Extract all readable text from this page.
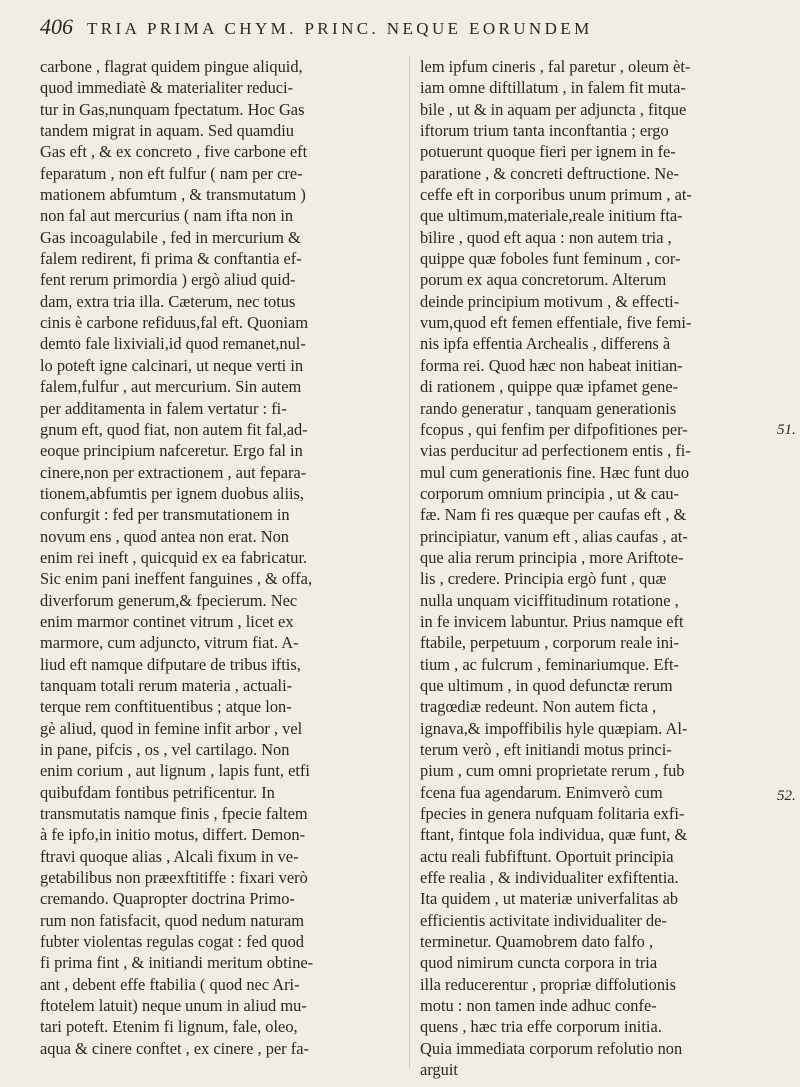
406 TRIA PRIMA CHYM. PRINC. NEQUE EORUNDEM
carbone , flagrat quidem pingue aliquid,
quod immediatè & materialiter reduci-
tur in Gas,nunquam fpectatum. Hoc Gas
tandem migrat in aquam. Sed quamdiu
Gas eft , & ex concreto , five carbone eft
feparatum , non eft fulfur ( nam per cre-
mationem abfumtum , & transmutatum )
non fal aut mercurius ( nam ifta non in
Gas incoagulabile , fed in mercurium &
falem redirent, fi prima & conftantia ef-
fent rerum primordia ) ergò aliud quid-
dam, extra tria illa. Cæterum, nec totus
cinis è carbone refiduus,fal eft. Quoniam
demto fale lixiviali,id quod remanet,nul-
lo poteft igne calcinari, ut neque verti in
falem,fulfur , aut mercurium. Sin autem
per additamenta in falem vertatur : fi-
gnum eft, quod fiat, non autem fit fal,ad-
eoque principium nafceretur. Ergo fal in
cinere,non per extractionem , aut fepara-
tionem,abfumtis per ignem duobus aliis,
confurgit : fed per transmutationem in
novum ens , quod antea non erat. Non
enim rei ineft , quicquid ex ea fabricatur.
Sic enim pani ineffent fanguines , & offa,
diverforum generum,& fpecierum. Nec
enim marmor continet vitrum , licet ex
marmore, cum adjuncto, vitrum fiat. A-
liud eft namque difputare de tribus iftis,
tanquam totali rerum materia , actuali-
terque rem conftituentibus ; atque lon-
gè aliud, quod in femine infit arbor , vel
in pane, pifcis , os , vel cartilago. Non
enim corium , aut lignum , lapis funt, etfi
quibufdam fontibus petrificentur. In
transmutatis namque finis , fpecie faltem
à fe ipfo,in initio motus, differt. Demon-
ftravi quoque alias , Alcali fixum in ve-
getabilibus non præexftitiffe : fixari verò
cremando. Quapropter doctrina Primo-
rum non fatisfacit, quod nedum naturam
fubter violentas regulas cogat : fed quod
fi prima fint , & initiandi meritum obtine-
ant , debent effe ftabilia ( quod nec Ari-
ftotelem latuit) neque unum in aliud mu-
tari poteft. Etenim fi lignum, fale, oleo,
aqua & cinere conftet , ex cinere , per fa-
lem ipfum cineris , fal paretur , oleum èt-
iam omne diftillatum , in falem fit muta-
bile , ut & in aquam per adjuncta , fitque
iftorum trium tanta inconftantia ; ergo
potuerunt quoque fieri per ignem in fe-
paratione , & concreti deftructione. Ne-
ceffe eft in corporibus unum primum , at-
que ultimum,materiale,reale initium fta-
bilire , quod eft aqua : non autem tria ,
quippe quæ foboles funt feminum , cor-
porum ex aqua concretorum. Alterum
deinde principium motivum , & effecti-
vum,quod eft femen effentiale, five femi-
nis ipfa effentia Archealis , differens à
forma rei. Quod hæc non habeat initian-
di rationem , quippe quæ ipfamet gene-
rando generatur , tanquam generationis
fcopus , qui fenfim per difpofitiones per-
vias perducitur ad perfectionem entis , fi-
mul cum generationis fine. Hæc funt duo
corporum omnium principia , ut & cau-
fæ. Nam fi res quæque per caufas eft , &
principiatur, vanum eft , alias caufas , at-
que alia rerum principia , more Ariftote-
lis , credere. Principia ergò funt , quæ
nulla unquam viciffitudinum rotatione ,
in fe invicem labuntur. Prius namque eft
ftabile, perpetuum , corporum reale ini-
tium , ac fulcrum , feminariumque. Eft-
que ultimum , in quod defunctæ rerum
tragœdiæ redeunt. Non autem ficta ,
ignava,& impoffibilis hyle quæpiam. Al-
terum verò , eft initiandi motus princi-
pium , cum omni proprietate rerum , fub
fcena fua agendarum. Enimverò cum
fpecies in genera nufquam folitaria exfi-
ftant, fintque fola individua, quæ funt, &
actu reali fubfiftunt. Oportuit principia
effe realia , & individualiter exfiftentia.
Ita quidem , ut materiæ univerfalitas ab
efficientis activitate individualiter de-
terminetur. Quamobrem dato falfo ,
quod nimirum cuncta corpora in tria
illa reducerentur , propriæ diffolutionis
motu : non tamen inde adhuc confe-
quens , hæc tria effe corporum initia.
Quia immediata corporum refolutio non
arguit
51.
52.
